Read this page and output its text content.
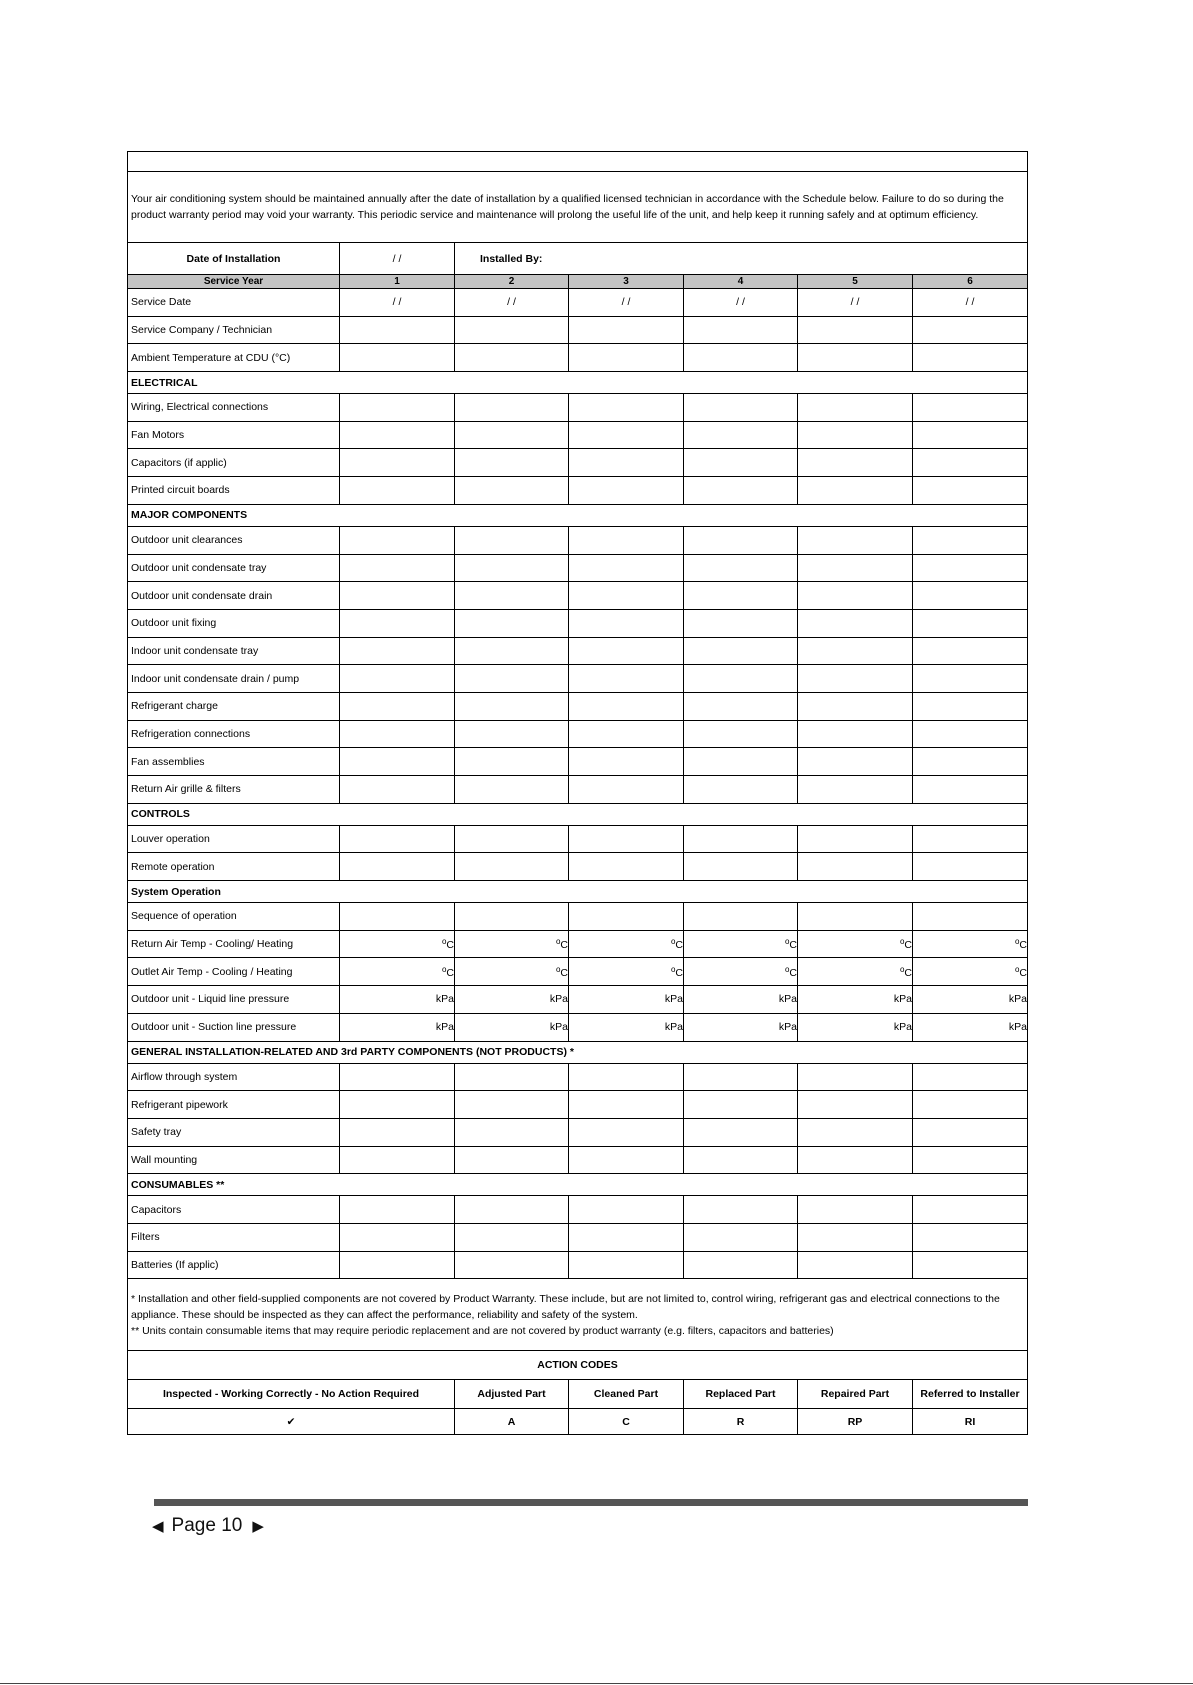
Your air conditioning system should be maintained annually after the date of installation by a qualified licensed technician in accordance with the Schedule below. Failure to do so during the product warranty period may void your warranty. This periodic service and maintenance will prolong the useful life of the unit, and help keep it running safely and at optimum efficiency.						
Date of Installation	/ /	Installed By:				
Service Year	1	2	3	4	5	6
Service Date	/ /	/ /	/ /	/ /	/ /	/ /
Service Company / Technician						
Ambient Temperature at CDU (°C)						
ELECTRICAL						
Wiring, Electrical connections						
Fan Motors						
Capacitors (if applic)						
Printed circuit boards						
MAJOR COMPONENTS						
Outdoor unit clearances						
Outdoor unit condensate tray						
Outdoor unit condensate drain						
Outdoor unit fixing						
Indoor unit condensate tray						
Indoor unit condensate drain / pump						
Refrigerant charge						
Refrigeration connections						
Fan assemblies						
Return Air grille & filters						
CONTROLS						
Louver operation						
Remote operation						
System Operation						
Sequence of operation						
Return Air Temp - Cooling/ Heating	$^o$C	$^o$C	$^o$C	$^o$C	$^o$C	$^o$C
Outlet Air Temp - Cooling / Heating	$^o$C	$^o$C	$^o$C	$^o$C	$^o$C	$^o$C
Outdoor unit - Liquid line pressure	kPa	kPa	kPa	kPa	kPa	kPa
Outdoor unit - Suction line pressure	kPa	kPa	kPa	kPa	kPa	kPa
GENERAL INSTALLATION-RELATED AND 3rd PARTY COMPONENTS (NOT PRODUCTS) *						
Airflow through system						
Refrigerant pipework						
Safety tray						
Wall mounting						
CONSUMABLES **						
Capacitors						
Filters						
Batteries (If applic)						

* Installation and other field-supplied components are not covered by Product Warranty. These include, but are not limited to, control wiring, refrigerant gas and electrical connections to the appliance. These should be inspected as they can affect the performance, reliability and safety of the system.
** Units contain consumable items that may require periodic replacement and are not covered by product warranty (e.g. filters, capacitors and batteries)						

ACTION CODES						
Inspected - Working Correctly - No Action Required		Adjusted Part	Cleaned Part	Replaced Part	Repaired Part	Referred to Installer
✔		A	C	R	RP	RI
◀ Page 10 ▶
